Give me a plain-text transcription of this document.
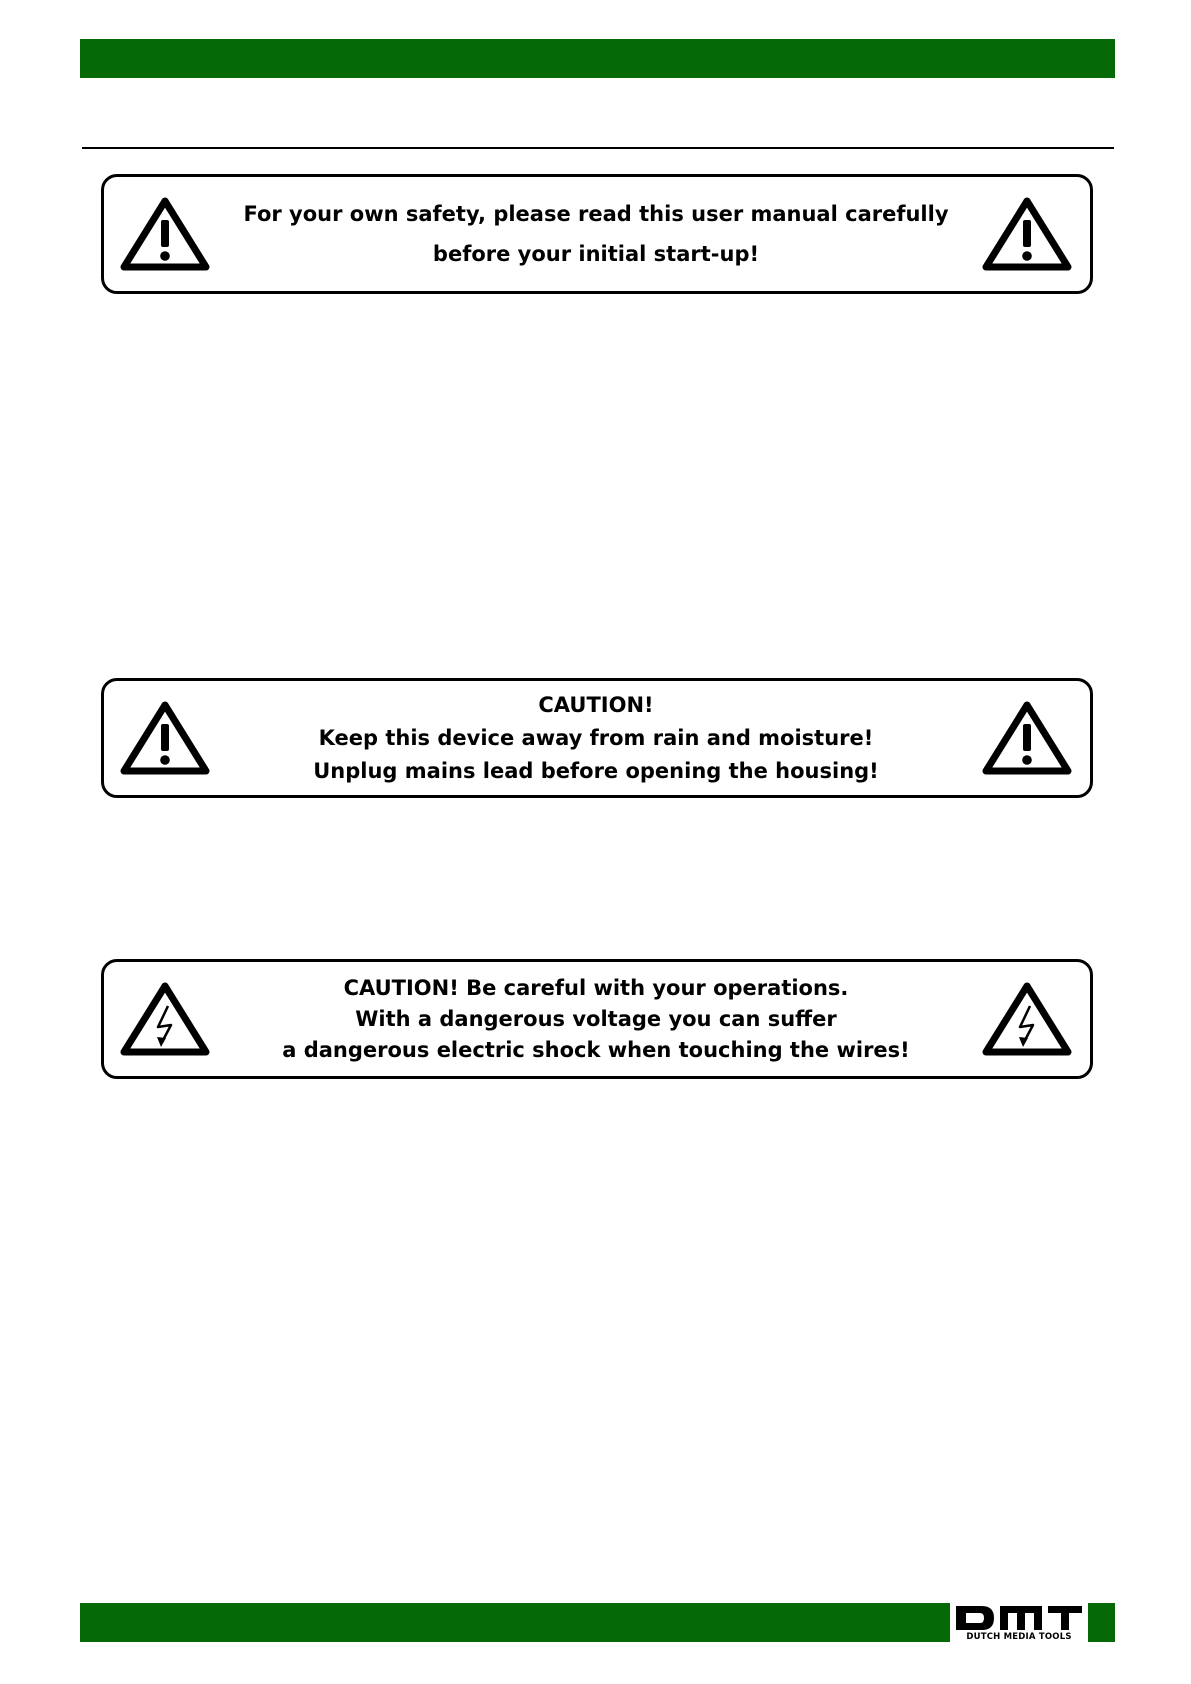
For your own safety, please read this user manual carefully
before your initial start-up!
CAUTION!
Keep this device away from rain and moisture!
Unplug mains lead before opening the housing!
CAUTION! Be careful with your operations.
With a dangerous voltage you can suffer
a dangerous electric shock when touching the wires!
DUTCH MEDIA TOOLS
